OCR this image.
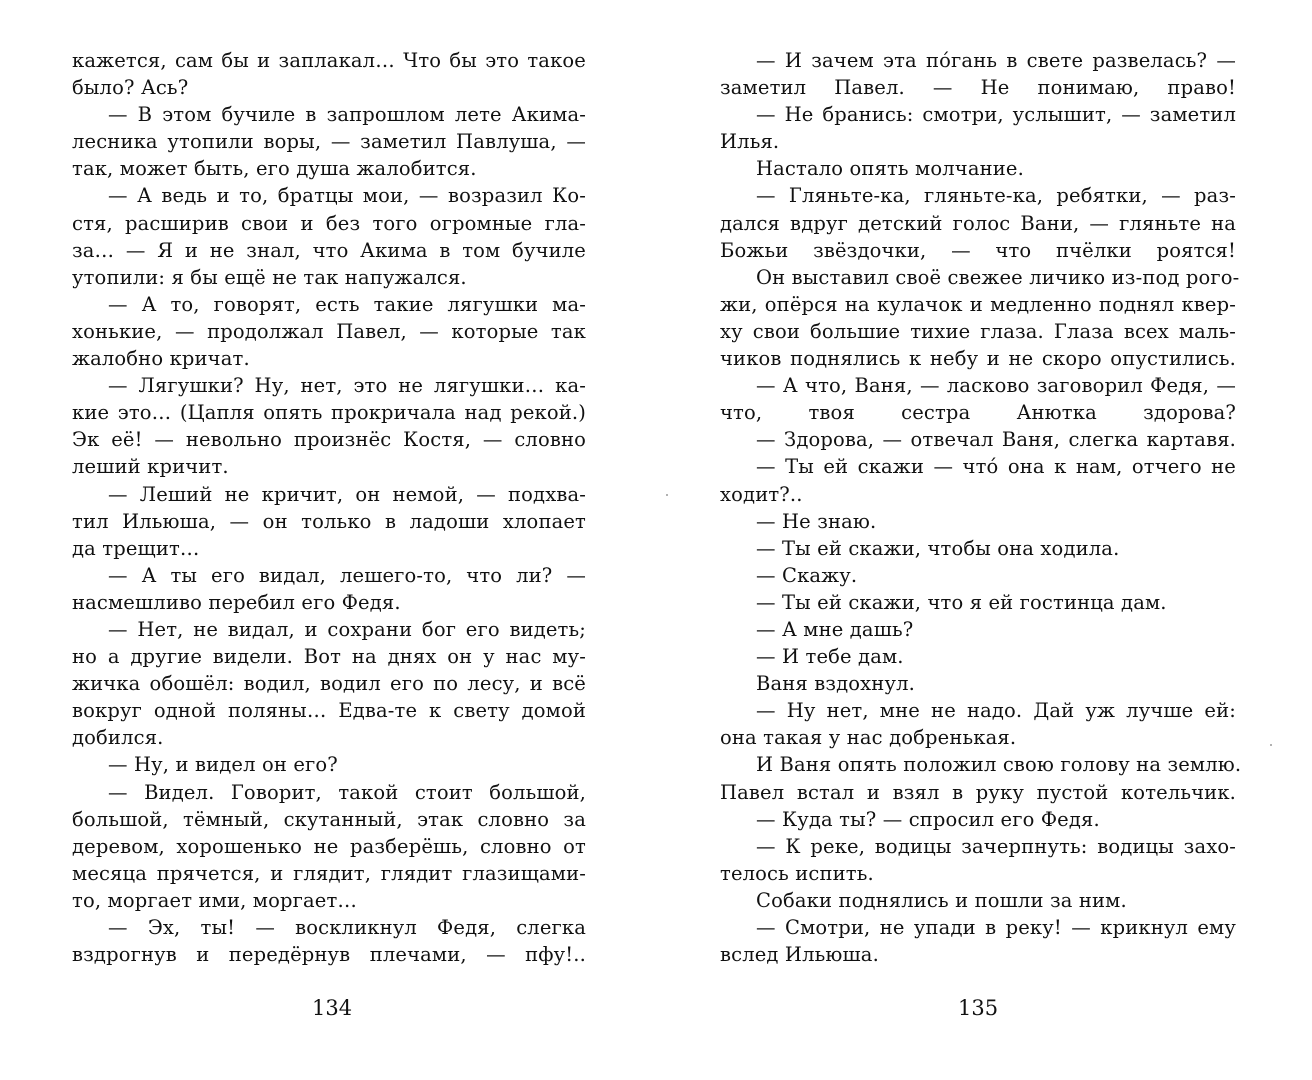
кажется, сам бы и заплакал… Что бы это такое
было? Ась?
— В этом бучиле в запрошлом лете Акима-
лесника утопили воры, — заметил Павлуша, —
так, может быть, его душа жалобится.
— А ведь и то, братцы мои, — возразил Ко-
стя, расширив свои и без того огромные гла-
за… — Я и не знал, что Акима в том бучиле
утопили: я бы ещё не так напужался.
— А то, говорят, есть такие лягушки ма-
хонькие, — продолжал Павел, — которые так
жалобно кричат.
— Лягушки? Ну, нет, это не лягушки… ка-
кие это… (Цапля опять прокричала над рекой.)
Эк её! — невольно произнёс Костя, — словно
леший кричит.
— Леший не кричит, он немой, — подхва-
тил Ильюша, — он только в ладоши хлопает
да трещит…
— А ты его видал, лешего-то, что ли? —
насмешливо перебил его Федя.
— Нет, не видал, и сохрани бог его видеть;
но а другие видели. Вот на днях он у нас му-
жичка обошёл: водил, водил его по лесу, и всё
вокруг одной поляны… Едва-те к свету домой
добился.
— Ну, и видел он его?
— Видел. Говорит, такой стоит большой,
большой, тёмный, скутанный, этак словно за
деревом, хорошенько не разберёшь, словно от
месяца прячется, и глядит, глядит глазищами-
то, моргает ими, моргает…
— Эх, ты! — воскликнул Федя, слегка
вздрогнув и передёрнув плечами, — пфу!..
134
— И зачем эта по́гань в свете развелась? —
заметил Павел. — Не понимаю, право!
— Не бранись: смотри, услышит, — заметил
Илья.
Настало опять молчание.
— Гляньте-ка, гляньте-ка, ребятки, — раз-
дался вдруг детский голос Вани, — гляньте на
Божьи звёздочки, — что пчёлки роятся!
Он выставил своё свежее личико из-под рого-
жи, опёрся на кулачок и медленно поднял квер-
ху свои большие тихие глаза. Глаза всех маль-
чиков поднялись к небу и не скоро опустились.
— А что, Ваня, — ласково заговорил Федя, —
что, твоя сестра Анютка здорова?
— Здорова, — отвечал Ваня, слегка картавя.
— Ты ей скажи — что́ она к нам, отчего не
ходит?..
— Не знаю.
— Ты ей скажи, чтобы она ходила.
— Скажу.
— Ты ей скажи, что я ей гостинца дам.
— А мне дашь?
— И тебе дам.
Ваня вздохнул.
— Ну нет, мне не надо. Дай уж лучше ей:
она такая у нас добренькая.
И Ваня опять положил свою голову на землю.
Павел встал и взял в руку пустой котельчик.
— Куда ты? — спросил его Федя.
— К реке, водицы зачерпнуть: водицы захо-
телось испить.
Собаки поднялись и пошли за ним.
— Смотри, не упади в реку! — крикнул ему
вслед Ильюша.
135
